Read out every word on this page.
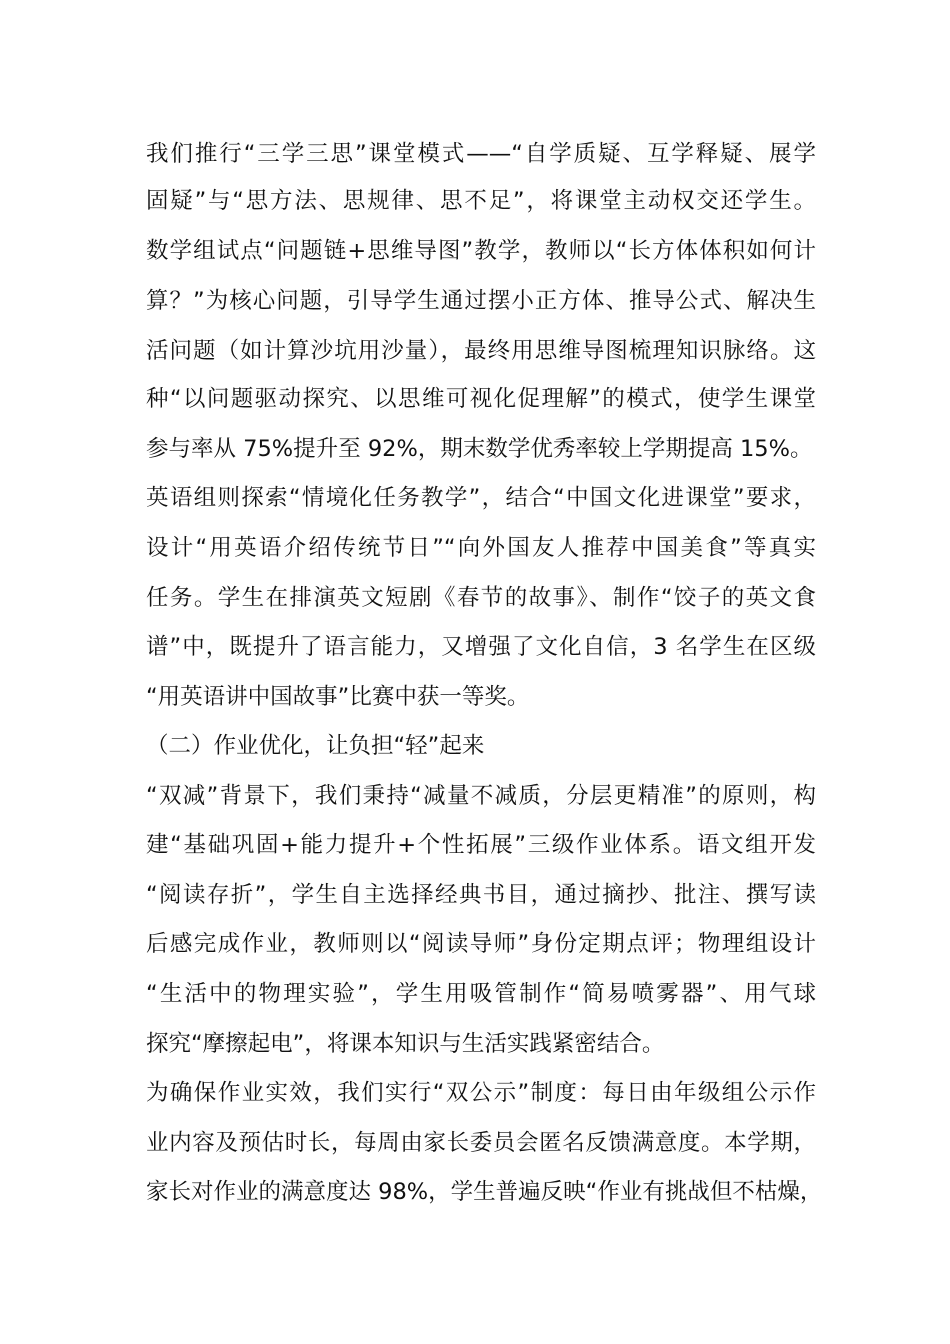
我们推行“三学三思”课堂模式——“自学质疑、互学释疑、展学
固疑”与“思方法、思规律、思不足”，将课堂主动权交还学生。
数学组试点“问题链+思维导图”教学，教师以“长方体体积如何计
算？”为核心问题，引导学生通过摆小正方体、推导公式、解决生
活问题（如计算沙坑用沙量），最终用思维导图梳理知识脉络。这
种“以问题驱动探究、以思维可视化促理解”的模式，使学生课堂
参与率从 75%提升至 92%，期末数学优秀率较上学期提高 15%。
英语组则探索“情境化任务教学”，结合“中国文化进课堂”要求，
设计“用英语介绍传统节日”“向外国友人推荐中国美食”等真实
任务。学生在排演英文短剧《春节的故事》、制作“饺子的英文食
谱”中，既提升了语言能力，又增强了文化自信，3 名学生在区级
“用英语讲中国故事”比赛中获一等奖。
（二）作业优化，让负担“轻”起来
“双减”背景下，我们秉持“减量不减质，分层更精准”的原则，构
建“基础巩固+能力提升+个性拓展”三级作业体系。语文组开发
“阅读存折”，学生自主选择经典书目，通过摘抄、批注、撰写读
后感完成作业，教师则以“阅读导师”身份定期点评；物理组设计
“生活中的物理实验”，学生用吸管制作“简易喷雾器”、用气球
探究“摩擦起电”，将课本知识与生活实践紧密结合。
为确保作业实效，我们实行“双公示”制度：每日由年级组公示作
业内容及预估时长，每周由家长委员会匿名反馈满意度。本学期，
家长对作业的满意度达 98%，学生普遍反映“作业有挑战但不枯燥，
